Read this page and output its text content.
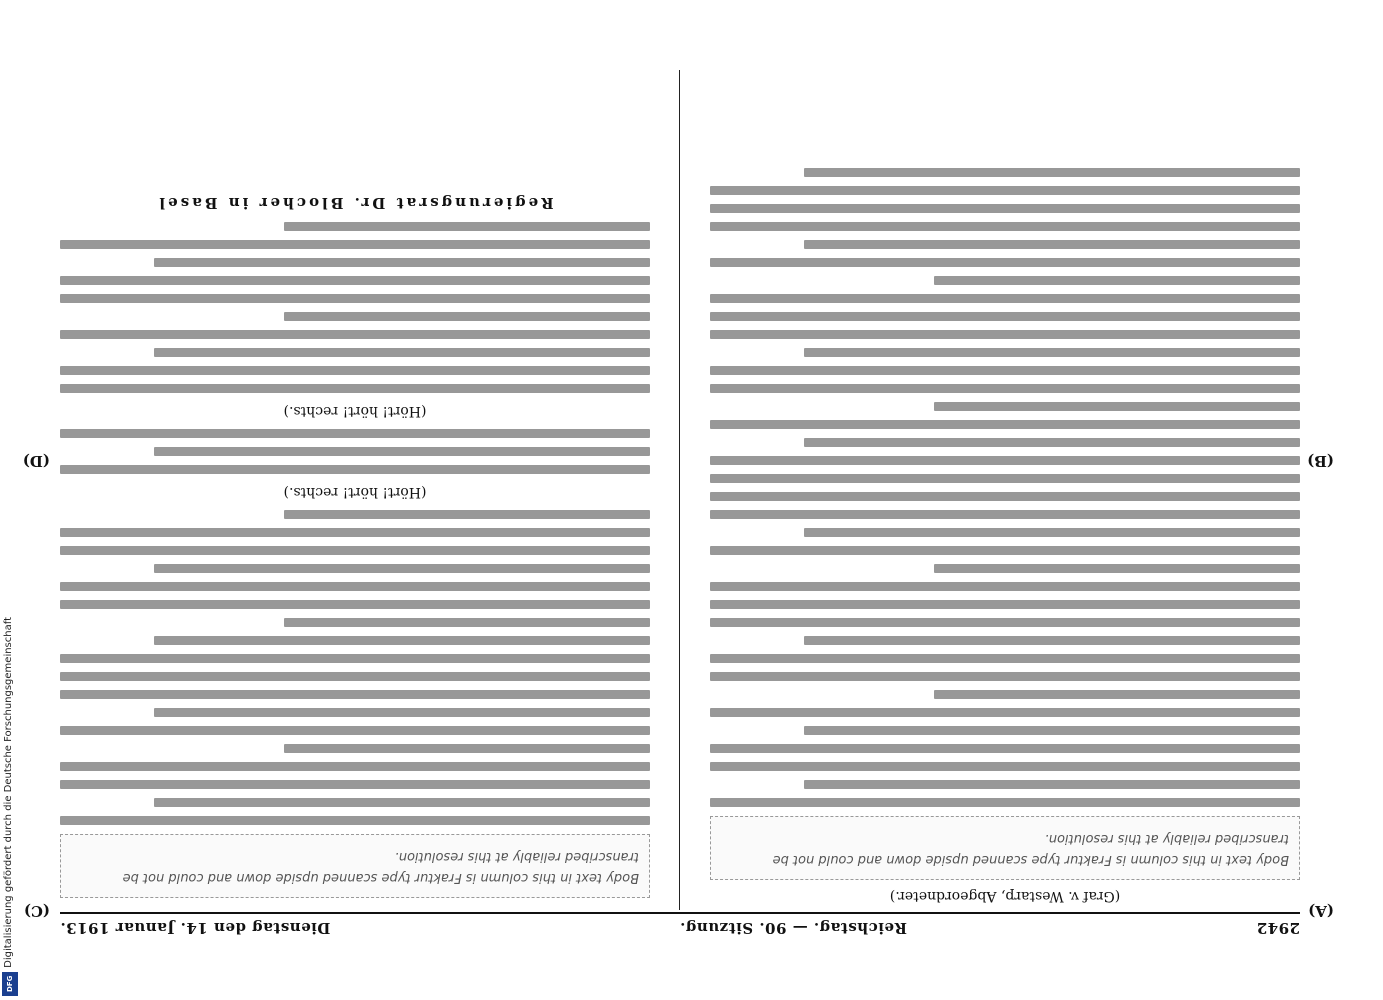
Digitalisierung gefördert durch die Deutsche Forschungsgemeinschaft
DFG
2942
Reichstag. — 90. Sitzung.
Dienstag den 14. Januar 1913.
(Graf v. Westarp, Abgeordneter.)
Body text in this column is Fraktur type scanned upside down and could not be transcribed reliably at this resolution.
Body text in this column is Fraktur type scanned upside down and could not be transcribed reliably at this resolution.
(Hört! hört! rechts.)
(Hört! hört! rechts.)
Regierungsrat Dr. Blocher in Basel
(A)
(B)
(C)
(D)
